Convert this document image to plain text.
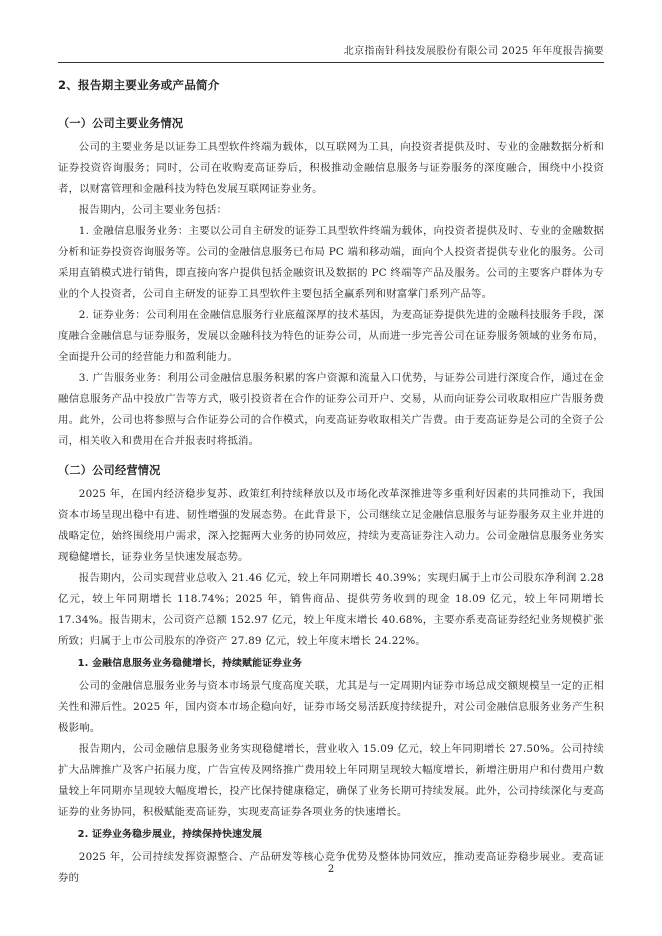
北京指南针科技发展股份有限公司 2025 年年度报告摘要

2、报告期主要业务或产品简介

（一）公司主要业务情况

公司的主要业务是以证券工具型软件终端为载体，以互联网为工具，向投资者提供及时、专业的金融数据分析和证券投资咨询服务；同时，公司在收购麦高证券后，积极推动金融信息服务与证券服务的深度融合，围绕中小投资者，以财富管理和金融科技为特色发展互联网证券业务。

报告期内，公司主要业务包括：

1. 金融信息服务业务：主要以公司自主研发的证券工具型软件终端为载体，向投资者提供及时、专业的金融数据分析和证券投资咨询服务等。公司的金融信息服务已布局 PC 端和移动端，面向个人投资者提供专业化的服务。公司采用直销模式进行销售，即直接向客户提供包括金融资讯及数据的 PC 终端等产品及服务。公司的主要客户群体为专业的个人投资者，公司自主研发的证券工具型软件主要包括全赢系列和财富掌门系列产品等。

2. 证券业务：公司利用在金融信息服务行业底蕴深厚的技术基因，为麦高证券提供先进的金融科技服务手段，深度融合金融信息与证券服务，发展以金融科技为特色的证券公司，从而进一步完善公司在证券服务领域的业务布局，全面提升公司的经营能力和盈利能力。

3. 广告服务业务：利用公司金融信息服务积累的客户资源和流量入口优势，与证券公司进行深度合作，通过在金融信息服务产品中投放广告等方式，吸引投资者在合作的证券公司开户、交易，从而向证券公司收取相应广告服务费用。此外，公司也将参照与合作证券公司的合作模式，向麦高证券收取相关广告费。由于麦高证券是公司的全资子公司，相关收入和费用在合并报表时将抵消。

（二）公司经营情况

2025 年，在国内经济稳步复苏、政策红利持续释放以及市场化改革深推进等多重利好因素的共同推动下，我国资本市场呈现出稳中有进、韧性增强的发展态势。在此背景下，公司继续立足金融信息服务与证券服务双主业并进的战略定位，始终围绕用户需求，深入挖掘两大业务的协同效应，持续为麦高证券注入动力。公司金融信息服务业务实现稳健增长，证券业务呈快速发展态势。

报告期内，公司实现营业总收入 21.46 亿元，较上年同期增长 40.39%；实现归属于上市公司股东净利润 2.28 亿元，较上年同期增长 118.74%；2025 年，销售商品、提供劳务收到的现金 18.09 亿元，较上年同期增长 17.34%。报告期末，公司资产总额 152.97 亿元，较上年度末增长 40.68%，主要亦系麦高证券经纪业务规模扩张所致；归属于上市公司股东的净资产 27.89 亿元，较上年度末增长 24.22%。

1. 金融信息服务业务稳健增长，持续赋能证券业务

公司的金融信息服务业务与资本市场景气度高度关联，尤其是与一定周期内证券市场总成交额规模呈一定的正相关性和滞后性。2025 年，国内资本市场企稳向好，证券市场交易活跃度持续提升，对公司金融信息服务业务产生积极影响。

报告期内，公司金融信息服务业务实现稳健增长，营业收入 15.09 亿元，较上年同期增长 27.50%。公司持续扩大品牌推广及客户拓展力度，广告宣传及网络推广费用较上年同期呈现较大幅度增长，新增注册用户和付费用户数量较上年同期亦呈现较大幅度增长，投产比保持健康稳定，确保了业务长期可持续发展。此外，公司持续深化与麦高证券的业务协同，积极赋能麦高证券，实现麦高证券各项业务的快速增长。

2. 证券业务稳步展业，持续保持快速发展

2025 年，公司持续发挥资源整合、产品研发等核心竞争优势及整体协同效应，推动麦高证券稳步展业。麦高证券的

2
